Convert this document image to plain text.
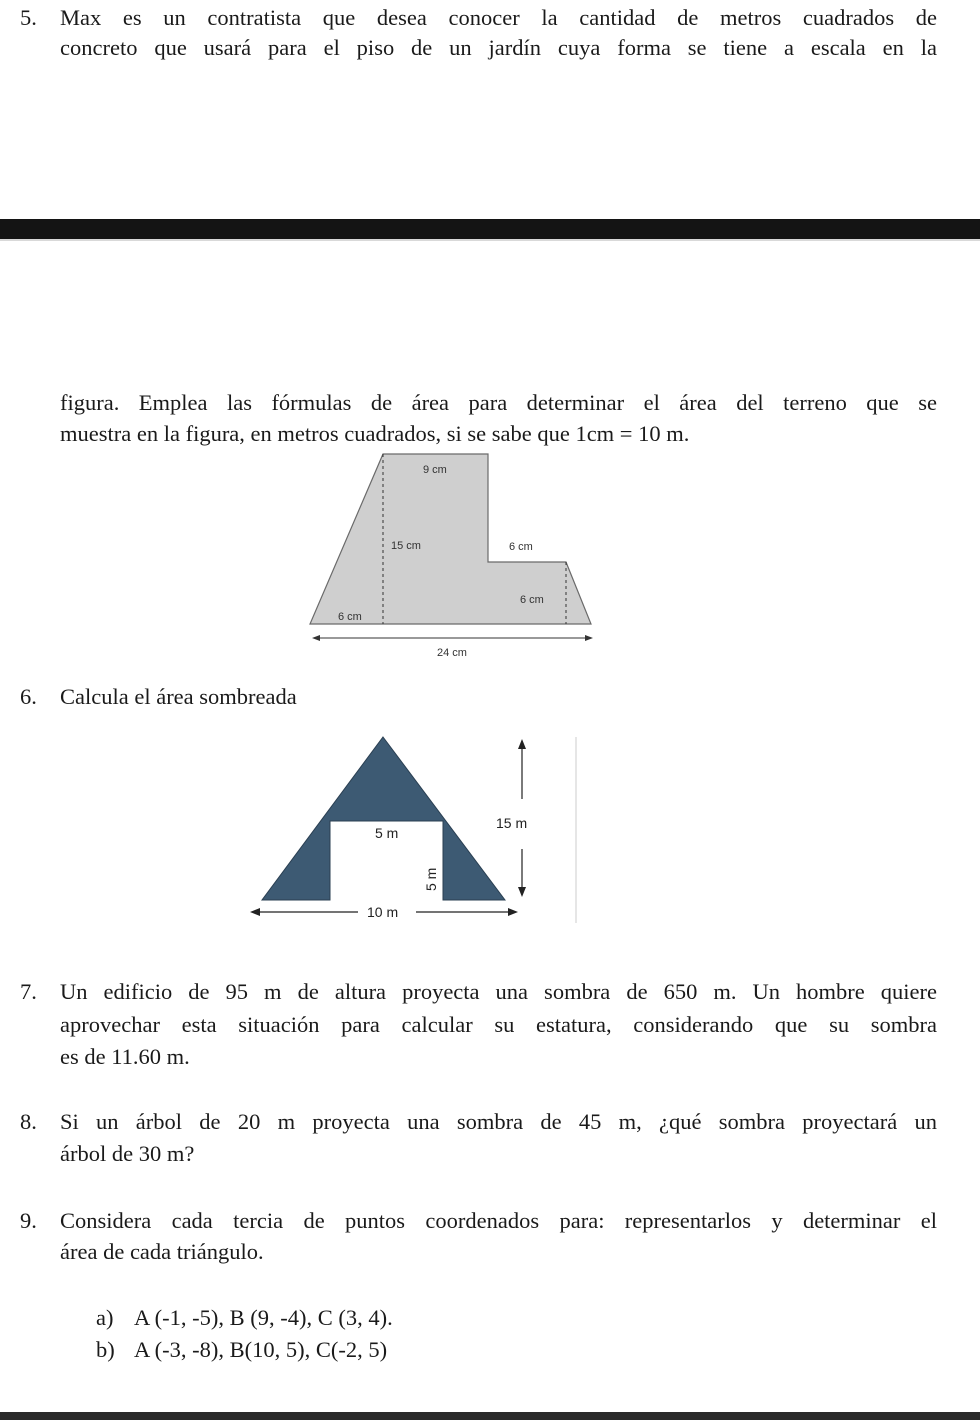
5. Max es un contratista que desea conocer la cantidad de metros cuadrados de
concreto que usará para el piso de un jardín cuya forma se tiene a escala en la
figura. Emplea las fórmulas de área para determinar el área del terreno que se
muestra en la figura, en metros cuadrados, si se sabe que 1cm = 10 m.
9 cm
15 cm	6 cm
6 cm
6 cm
24 cm
6. Calcula el área sombreada
15 m
5 m
5 m
10 m
7. Un edificio de 95 m de altura proyecta una sombra de 650 m. Un hombre quiere
aprovechar esta situación para calcular su estatura, considerando que su sombra
es de 11.60 m.
8. Si un árbol de 20 m proyecta una sombra de 45 m, ¿qué sombra proyectará un
árbol de 30 m?
9. Considera cada tercia de puntos coordenados para: representarlos y determinar el
área de cada triángulo.
a) A (-1, -5), B (9, -4), C (3, 4).
b) A (-3, -8), B(10, 5), C(-2, 5)
